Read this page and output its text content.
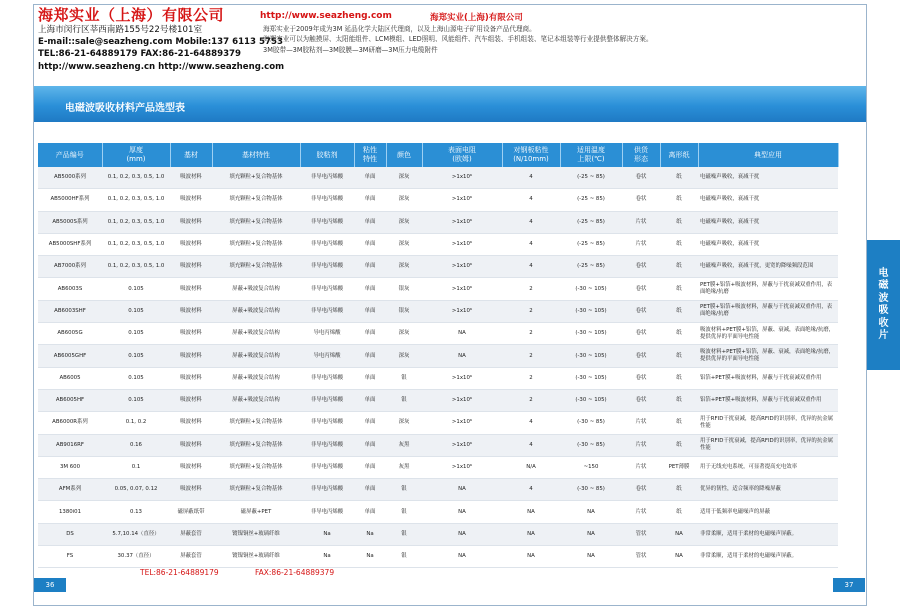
电
磁
波
吸
收
片
海郑实业（上海）有限公司
上海市闵行区莘西南路155号22号楼101室
E-mail::sale@seazheng.com Mobile:137 6113 5753
TEL:86-21-64889179 FAX:86-21-64889379
http://www.seazheng.cn http://www.seazheng.com
http://www.seazheng.com	海郑实业(上海)有限公司
海郑实业于2009年成为3M 延品化学大陆区代理商，以及上海山源电子矿用设备产品代理商。
海郑实业可以为触摸屏、太阳能组件、LCM模组、LED照明、风能组件、汽车组装、手机组装、笔记本组装等行业提供整体解决方案。
3M胶带—3M胶粘剂—3M胶膜—3M研磨—3M压力电缆附件
电磁波吸收材料产品选型表
产品编号	厚度
(mm)	基材	基材特性	胶粘剂	粘性
特性	颜色	表面电阻
(欧姆)	对钢板粘性
(N/10mm)	适用温度
上限(℃)	供货
形态	离形纸	典型应用
AB5000系列	0.1, 0.2, 0.3, 0.5, 1.0	吸波材料	填充颗粒+复合物基体	非导电丙烯酸	单面	深灰	>1x10⁶	4	(-25 ~ 85)	卷状	纸	电磁噪声吸收，衰减干扰
AB5000HF系列	0.1, 0.2, 0.3, 0.5, 1.0	吸波材料	填充颗粒+复合物基体	非导电丙烯酸	单面	深灰	>1x10⁶	4	(-25 ~ 85)	卷状	纸	电磁噪声吸收，衰减干扰
AB5000S系列	0.1, 0.2, 0.3, 0.5, 1.0	吸波材料	填充颗粒+复合物基体	非导电丙烯酸	单面	深灰	>1x10⁶	4	(-25 ~ 85)	片状	纸	电磁噪声吸收，衰减干扰
AB5000SHF系列	0.1, 0.2, 0.3, 0.5, 1.0	吸波材料	填充颗粒+复合物基体	非导电丙烯酸	单面	深灰	>1x10⁶	4	(-25 ~ 85)	片状	纸	电磁噪声吸收，衰减干扰
AB7000系列	0.1, 0.2, 0.3, 0.5, 1.0	吸波材料	填充颗粒+复合物基体	非导电丙烯酸	单面	深灰	>1x10⁶	4	(-25 ~ 85)	卷状	纸	电磁噪声吸收，衰减干扰，更宽的降噪频段范围
AB6003S	0.105	吸波材料	屏蔽+吸波复合结构	非导电丙烯酸	单面	银灰	>1x10⁶	2	(-30 ~ 105)	卷状	纸	PET膜+铝箔+吸波材料，屏蔽与干扰衰减双重作用，表面绝缘/抗磨
AB6003SHF	0.105	吸波材料	屏蔽+吸波复合结构	非导电丙烯酸	单面	银灰	>1x10⁶	2	(-30 ~ 105)	卷状	纸	PET膜+铝箔+吸波材料，屏蔽与干扰衰减双重作用，表面绝缘/抗磨
AB6005G	0.105	吸波材料	屏蔽+吸波复合结构	导电丙烯酸	单面	深灰	NA	2	(-30 ~ 105)	卷状	纸	吸波材料+PET膜+铝箔，屏蔽、衰减，表面绝缘/抗磨，提供优异的平面导电性能
AB6005GHF	0.105	吸波材料	屏蔽+吸波复合结构	导电丙烯酸	单面	深灰	NA	2	(-30 ~ 105)	卷状	纸	吸波材料+PET膜+铝箔，屏蔽、衰减，表面绝缘/抗磨，提供优异的平面导电性能
AB6005	0.105	吸波材料	屏蔽+吸波复合结构	非导电丙烯酸	单面	银	>1x10⁶	2	(-30 ~ 105)	卷状	纸	铝箔+PET膜+吸波材料，屏蔽与干扰衰减双重作用
AB6005HF	0.105	吸波材料	屏蔽+吸波复合结构	非导电丙烯酸	单面	银	>1x10⁶	2	(-30 ~ 105)	卷状	纸	铝箔+PET膜+吸波材料，屏蔽与干扰衰减双重作用
AB6000R系列	0.1, 0.2	吸波材料	填充颗粒+复合物基体	非导电丙烯酸	单面	深灰	>1x10⁶	4	(-30 ~ 85)	片状	纸	用于RFID干扰衰减，提高RFID的识别率，优异的抗金属性能
AB9016RF	0.16	吸波材料	填充颗粒+复合物基体	非导电丙烯酸	单面	灰黑	>1x10⁶	4	(-30 ~ 85)	片状	纸	用于RFID干扰衰减，提高RFID的识别率，优异的抗金属性能
3M 600	0.1	吸波材料	填充颗粒+复合物基体	非导电丙烯酸	单面	灰黑	>1x10⁶	N/A	~150	片状	PET薄膜	用于无线充电系统，可显著提高充电效率
AFM系列	0.05, 0.07, 0.12	吸波材料	填充颗粒+复合物基体	非导电丙烯酸	单面	银	NA	4	(-30 ~ 85)	卷状	纸	优异的韧性，适合频率的降噪屏蔽
1380i01	0.13	磁屏蔽纸带	磁屏蔽+PET	非导电丙烯酸	单面	银	NA	NA	NA	片状	纸	适用于低频率电磁噪声的屏蔽
DS	5.7,10.14（直径）	屏蔽套管	镀镍铜丝+玻璃纤维	Na	Na	银	NA	NA	NA	管状	NA	非常柔顺，适用于柔材的电磁噪声屏蔽。
FS	30.37（直径）	屏蔽套管	镀镍铜丝+玻璃纤维	Na	Na	银	NA	NA	NA	管状	NA	非常柔顺，适用于柔材的电磁噪声屏蔽。
TEL:86-21-64889179	FAX:86-21-64889379
36	37
